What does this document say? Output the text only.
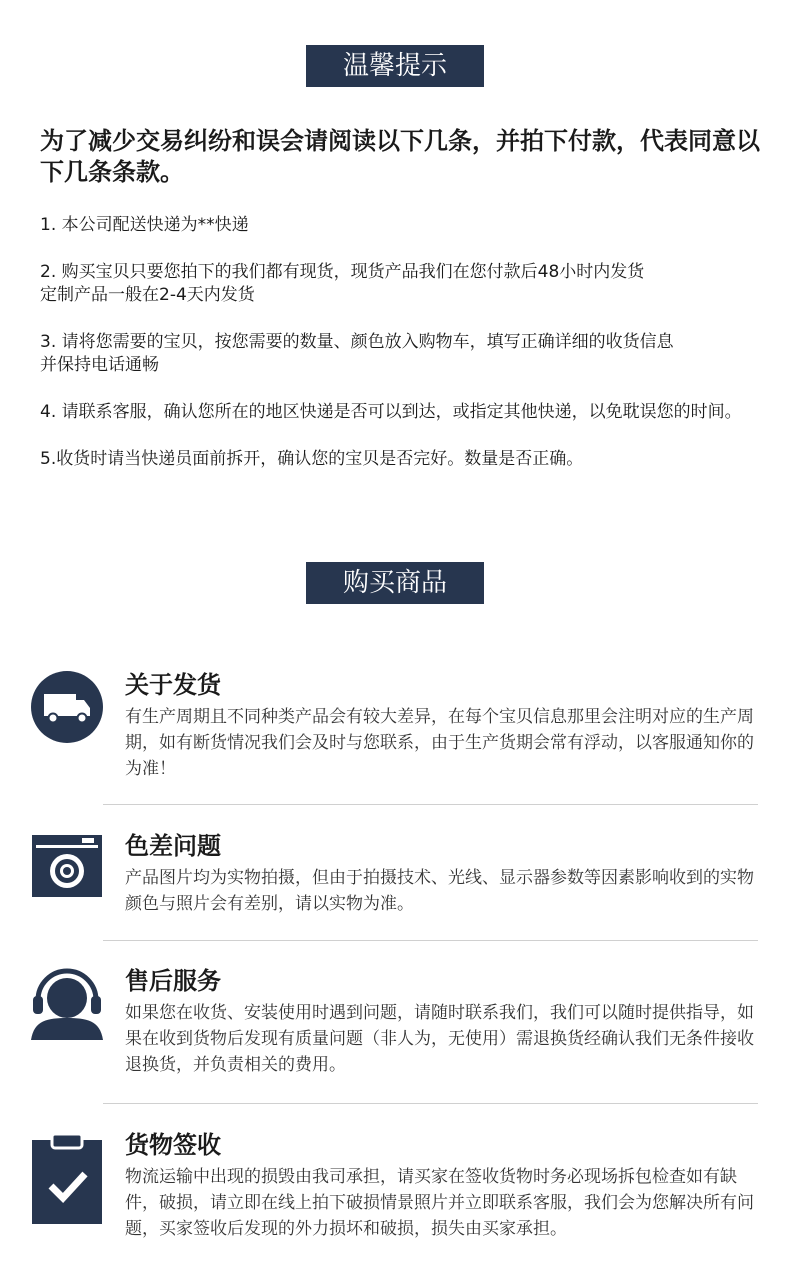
温馨提示

为了减少交易纠纷和误会请阅读以下几条，并拍下付款，代表同意以下几条条款。

1. 本公司配送快递为**快递

2. 购买宝贝只要您拍下的我们都有现货，现货产品我们在您付款后48小时内发货
定制产品一般在2-4天内发货

3. 请将您需要的宝贝，按您需要的数量、颜色放入购物车，填写正确详细的收货信息
并保持电话通畅

4. 请联系客服，确认您所在的地区快递是否可以到达，或指定其他快递，以免耽误您的时间。

5.收货时请当快递员面前拆开，确认您的宝贝是否完好。数量是否正确。

购买商品
关于发货

有生产周期且不同种类产品会有较大差异，在每个宝贝信息那里会注明对应的生产周期，如有断货情况我们会及时与您联系，由于生产货期会常有浮动，以客服通知你的为准！

色差问题

产品图片均为实物拍摄，但由于拍摄技术、光线、显示器参数等因素影响收到的实物颜色与照片会有差别，请以实物为准。

售后服务

如果您在收货、安装使用时遇到问题，请随时联系我们，我们可以随时提供指导，如果在收到货物后发现有质量问题（非人为，无使用）需退换货经确认我们无条件接收退换货，并负责相关的费用。

货物签收

物流运输中出现的损毁由我司承担，请买家在签收货物时务必现场拆包检查如有缺件，破损，请立即在线上拍下破损情景照片并立即联系客服，我们会为您解决所有问题，买家签收后发现的外力损坏和破损，损失由买家承担。
